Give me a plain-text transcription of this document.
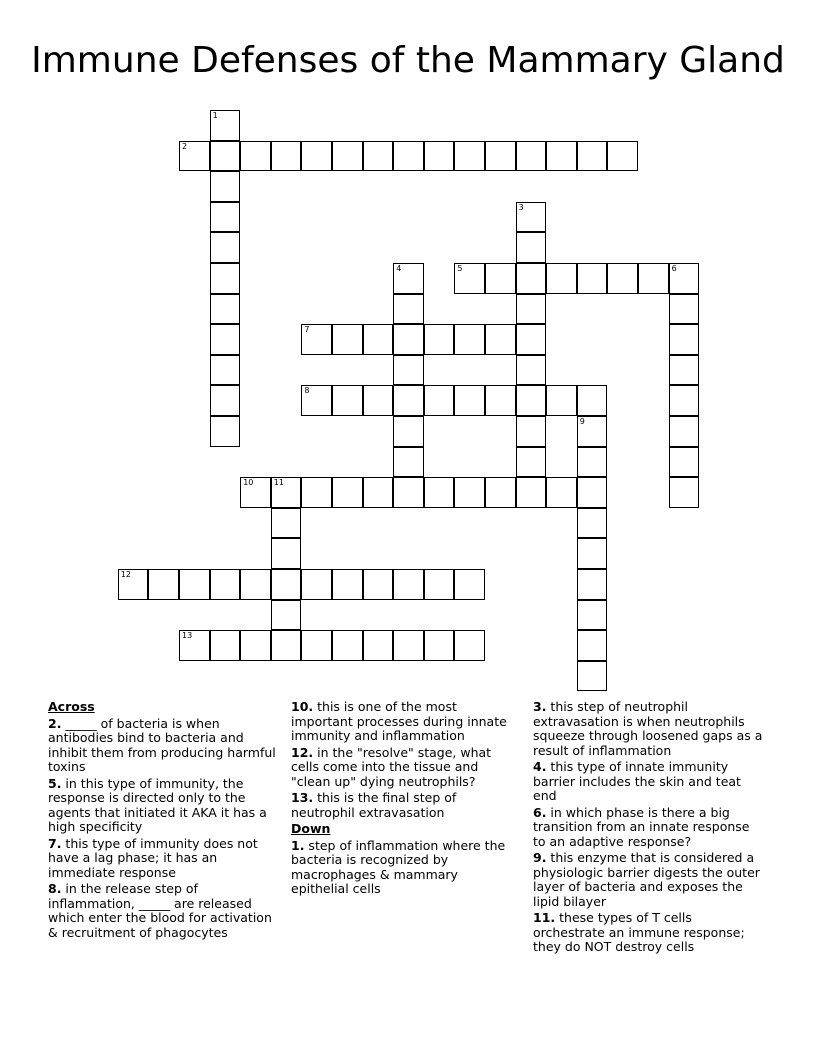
Immune Defenses of the Mammary Gland
1
2
3
4	5	6
7
8
9
10	11
12
13
Across
2. _____ of bacteria is when antibodies bind to bacteria and inhibit them from producing harmful toxins
5. in this type of immunity, the response is directed only to the agents that initiated it AKA it has a high specificity
7. this type of immunity does not have a lag phase; it has an immediate response
8. in the release step of inflammation, _____ are released which enter the blood for activation & recruitment of phagocytes
10. this is one of the most important processes during innate immunity and inflammation
12. in the "resolve" stage, what cells come into the tissue and "clean up" dying neutrophils?
13. this is the final step of neutrophil extravasation
Down
1. step of inflammation where the bacteria is recognized by macrophages & mammary epithelial cells
3. this step of neutrophil extravasation is when neutrophils squeeze through loosened gaps as a result of inflammation
4. this type of innate immunity barrier includes the skin and teat end
6. in which phase is there a big transition from an innate response to an adaptive response?
9. this enzyme that is considered a physiologic barrier digests the outer layer of bacteria and exposes the lipid bilayer
11. these types of T cells orchestrate an immune response; they do NOT destroy cells
